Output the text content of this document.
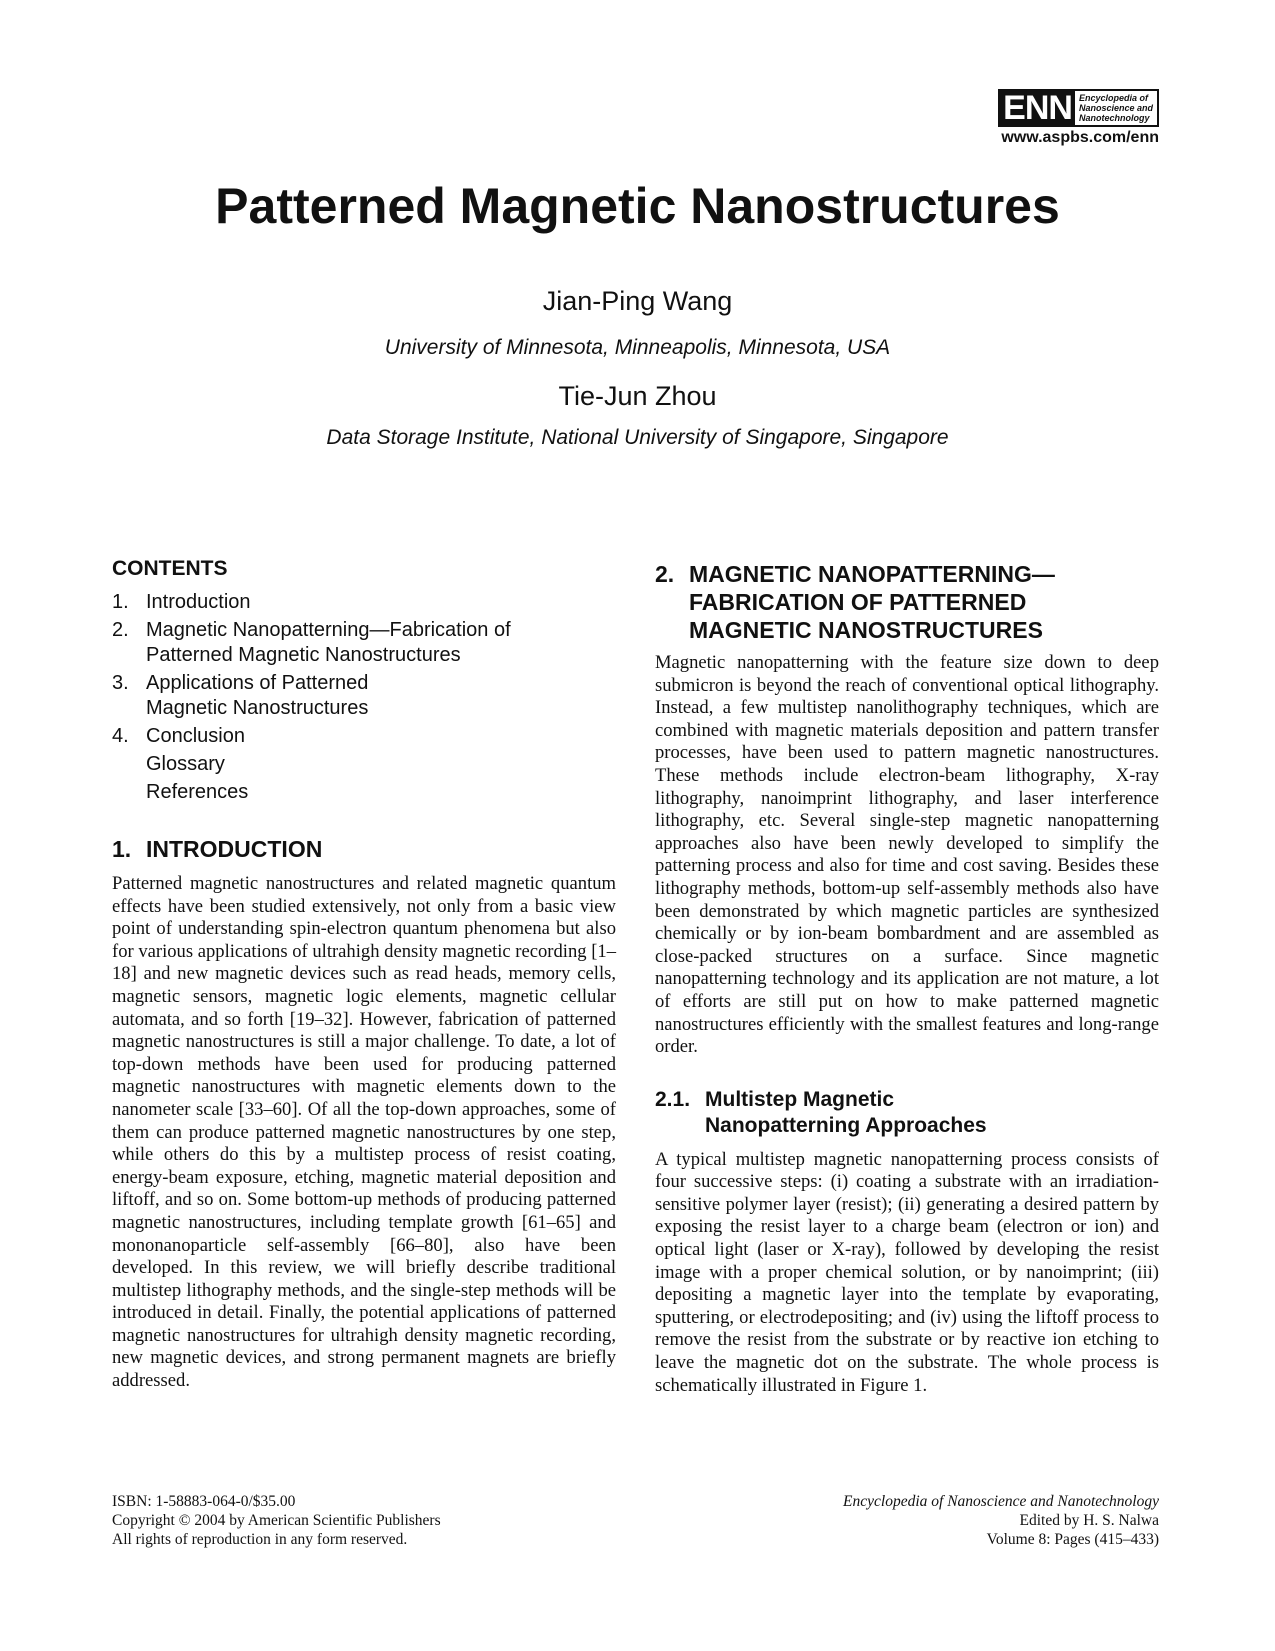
ENN Encyclopedia of
Nanoscience and
Nanotechnology
www.aspbs.com/enn
Patterned Magnetic Nanostructures
Jian-Ping Wang
University of Minnesota, Minneapolis, Minnesota, USA
Tie-Jun Zhou
Data Storage Institute, National University of Singapore, Singapore
CONTENTS
1. Introduction
2. Magnetic Nanopatterning—Fabrication of Patterned Magnetic Nanostructures
3. Applications of Patterned Magnetic Nanostructures
4. Conclusion
Glossary
References
1. INTRODUCTION

Patterned magnetic nanostructures and related magnetic quantum effects have been studied extensively, not only from a basic view point of understanding spin-electron quantum phenomena but also for various applications of ultrahigh density magnetic recording [1–18] and new magnetic devices such as read heads, memory cells, magnetic sensors, magnetic logic elements, magnetic cellular automata, and so forth [19–32]. However, fabrication of patterned magnetic nanostructures is still a major challenge. To date, a lot of top-down methods have been used for producing patterned magnetic nanostructures with magnetic elements down to the nanometer scale [33–60]. Of all the top-down approaches, some of them can produce patterned magnetic nanostructures by one step, while others do this by a multistep process of resist coating, energy-beam exposure, etching, magnetic material deposition and liftoff, and so on. Some bottom-up methods of producing patterned magnetic nanostructures, including template growth [61–65] and mononanoparticle self-assembly [66–80], also have been developed. In this review, we will briefly describe traditional multistep lithography methods, and the single-step methods will be introduced in detail. Finally, the potential applications of patterned magnetic nanostructures for ultrahigh density magnetic recording, new magnetic devices, and strong permanent magnets are briefly addressed.

2. MAGNETIC NANOPATTERNING— FABRICATION OF PATTERNED MAGNETIC NANOSTRUCTURES

Magnetic nanopatterning with the feature size down to deep submicron is beyond the reach of conventional optical lithography. Instead, a few multistep nanolithography techniques, which are combined with magnetic materials deposition and pattern transfer processes, have been used to pattern magnetic nanostructures. These methods include electron-beam lithography, X-ray lithography, nanoimprint lithography, and laser interference lithography, etc. Several single-step magnetic nanopatterning approaches also have been newly developed to simplify the patterning process and also for time and cost saving. Besides these lithography methods, bottom-up self-assembly methods also have been demonstrated by which magnetic particles are synthesized chemically or by ion-beam bombardment and are assembled as close-packed structures on a surface. Since magnetic nanopatterning technology and its application are not mature, a lot of efforts are still put on how to make patterned magnetic nanostructures efficiently with the smallest features and long-range order.

2.1. Multistep Magnetic Nanopatterning Approaches

A typical multistep magnetic nanopatterning process consists of four successive steps: (i) coating a substrate with an irradiation-sensitive polymer layer (resist); (ii) generating a desired pattern by exposing the resist layer to a charge beam (electron or ion) and optical light (laser or X-ray), followed by developing the resist image with a proper chemical solution, or by nanoimprint; (iii) depositing a magnetic layer into the template by evaporating, sputtering, or electrodepositing; and (iv) using the liftoff process to remove the resist from the substrate or by reactive ion etching to leave the magnetic dot on the substrate. The whole process is schematically illustrated in Figure 1.

ISBN: 1-58883-064-0/$35.00
Copyright © 2004 by American Scientific Publishers
All rights of reproduction in any form reserved.
Encyclopedia of Nanoscience and Nanotechnology
Edited by H. S. Nalwa
Volume 8: Pages (415–433)
